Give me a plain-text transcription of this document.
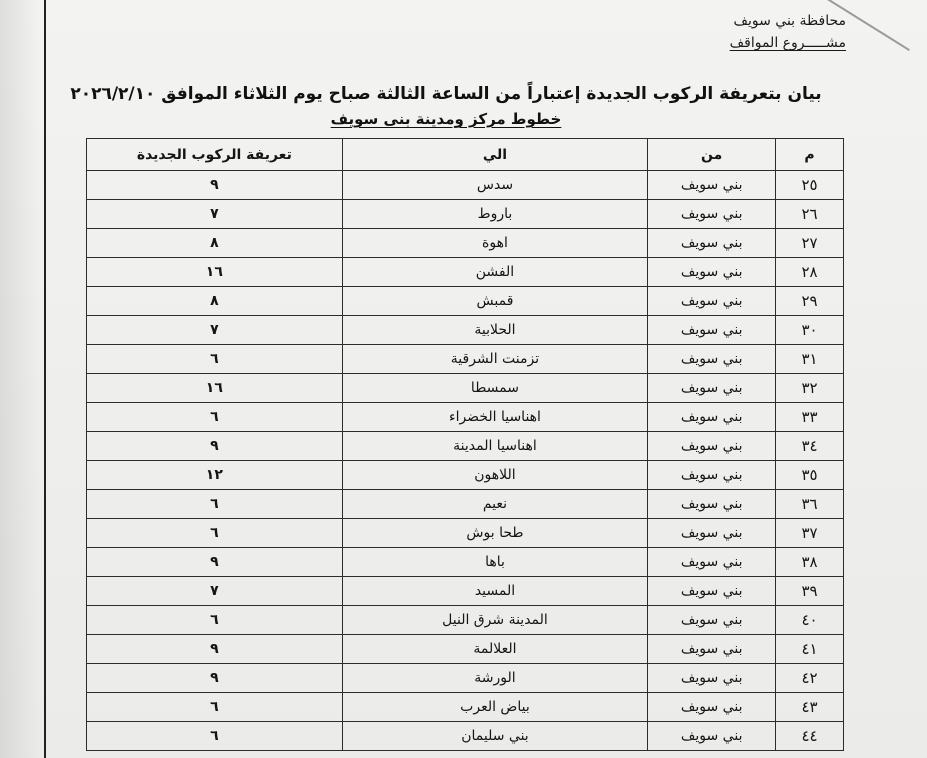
محافظة بني سويف
مشـــــروع المواقف
بيان بتعريفة الركوب الجديدة إعتباراً من الساعة الثالثة صباح يوم الثلاثاء الموافق ٢٠٢٦/٢/١٠
خطوط مركز ومدينة بنى سويف
م	من	الي	تعريفة الركوب الجديدة
٢٥	بني سويف	سدس	٩
٢٦	بني سويف	باروط	٧
٢٧	بني سويف	اهوة	٨
٢٨	بني سويف	الفشن	١٦
٢٩	بني سويف	قمبش	٨
٣٠	بني سويف	الحلابية	٧
٣١	بني سويف	تزمنت الشرقية	٦
٣٢	بني سويف	سمسطا	١٦
٣٣	بني سويف	اهناسيا الخضراء	٦
٣٤	بني سويف	اهناسيا المدينة	٩
٣٥	بني سويف	اللاهون	١٢
٣٦	بني سويف	نعيم	٦
٣٧	بني سويف	طحا بوش	٦
٣٨	بني سويف	باها	٩
٣٩	بني سويف	المسيد	٧
٤٠	بني سويف	المدينة شرق النيل	٦
٤١	بني سويف	العلالمة	٩
٤٢	بني سويف	الورشة	٩
٤٣	بني سويف	بياض العرب	٦
٤٤	بني سويف	بني سليمان	٦
